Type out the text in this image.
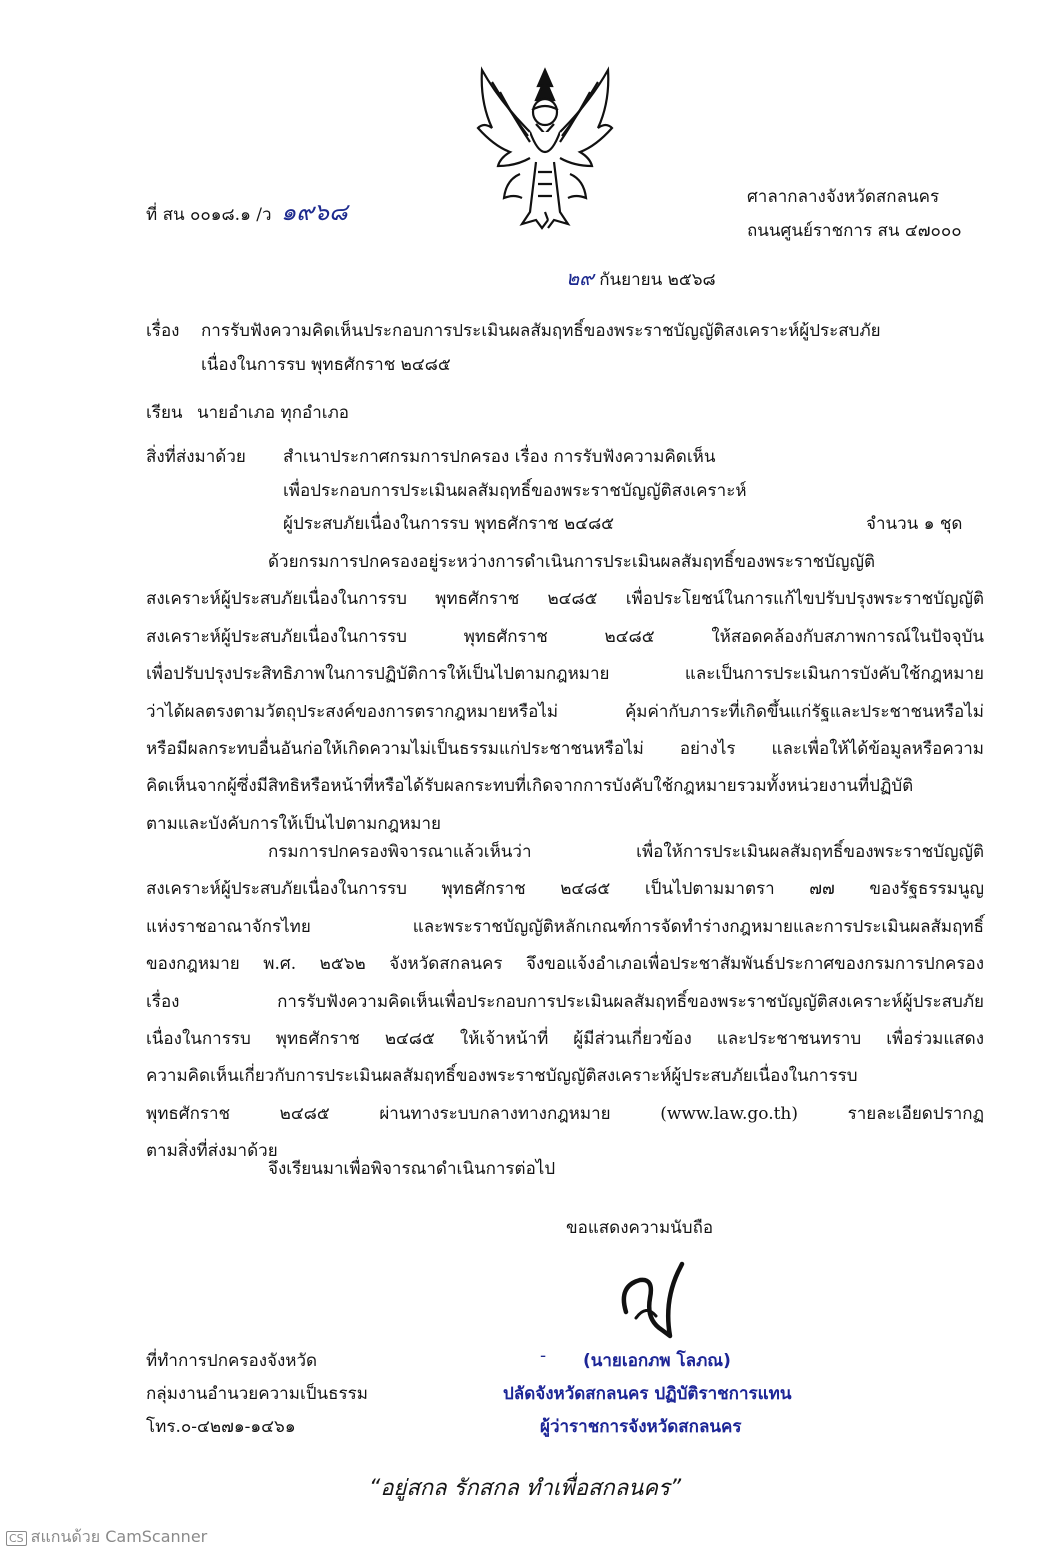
ที่ สน ๐๐๑๘.๑ /ว ๑๙๖๘
ศาลากลางจังหวัดสกลนคร
ถนนศูนย์ราชการ สน ๔๗๐๐๐
๒๙ กันยายน ๒๕๖๘
เรื่อง การรับฟังความคิดเห็นประกอบการประเมินผลสัมฤทธิ์ของพระราชบัญญัติสงเคราะห์ผู้ประสบภัย
เนื่องในการรบ พุทธศักราช ๒๔๘๕
เรียน นายอำเภอ ทุกอำเภอ
สิ่งที่ส่งมาด้วย สำเนาประกาศกรมการปกครอง เรื่อง การรับฟังความคิดเห็น
เพื่อประกอบการประเมินผลสัมฤทธิ์ของพระราชบัญญัติสงเคราะห์
ผู้ประสบภัยเนื่องในการรบ พุทธศักราช ๒๔๘๕	จำนวน ๑ ชุด
ด้วยกรมการปกครองอยู่ระหว่างการดำเนินการประเมินผลสัมฤทธิ์ของพระราชบัญญัติ
สงเคราะห์ผู้ประสบภัยเนื่องในการรบ พุทธศักราช ๒๔๘๕ เพื่อประโยชน์ในการแก้ไขปรับปรุงพระราชบัญญัติ
สงเคราะห์ผู้ประสบภัยเนื่องในการรบ พุทธศักราช ๒๔๘๕ ให้สอดคล้องกับสภาพการณ์ในปัจจุบัน
เพื่อปรับปรุงประสิทธิภาพในการปฏิบัติการให้เป็นไปตามกฎหมาย และเป็นการประเมินการบังคับใช้กฎหมาย
ว่าได้ผลตรงตามวัตถุประสงค์ของการตรากฎหมายหรือไม่ คุ้มค่ากับภาระที่เกิดขึ้นแก่รัฐและประชาชนหรือไม่
หรือมีผลกระทบอื่นอันก่อให้เกิดความไม่เป็นธรรมแก่ประชาชนหรือไม่ อย่างไร และเพื่อให้ได้ข้อมูลหรือความ
คิดเห็นจากผู้ซึ่งมีสิทธิหรือหน้าที่หรือได้รับผลกระทบที่เกิดจากการบังคับใช้กฎหมายรวมทั้งหน่วยงานที่ปฏิบัติ
ตามและบังคับการให้เป็นไปตามกฎหมาย
กรมการปกครองพิจารณาแล้วเห็นว่า เพื่อให้การประเมินผลสัมฤทธิ์ของพระราชบัญญัติ
สงเคราะห์ผู้ประสบภัยเนื่องในการรบ พุทธศักราช ๒๔๘๕ เป็นไปตามมาตรา ๗๗ ของรัฐธรรมนูญ
แห่งราชอาณาจักรไทย และพระราชบัญญัติหลักเกณฑ์การจัดทำร่างกฎหมายและการประเมินผลสัมฤทธิ์
ของกฎหมาย พ.ศ. ๒๕๖๒ จังหวัดสกลนคร จึงขอแจ้งอำเภอเพื่อประชาสัมพันธ์ประกาศของกรมการปกครอง
เรื่อง การรับฟังความคิดเห็นเพื่อประกอบการประเมินผลสัมฤทธิ์ของพระราชบัญญัติสงเคราะห์ผู้ประสบภัย
เนื่องในการรบ พุทธศักราช ๒๔๘๕ ให้เจ้าหน้าที่ ผู้มีส่วนเกี่ยวข้อง และประชาชนทราบ เพื่อร่วมแสดง
ความคิดเห็นเกี่ยวกับการประเมินผลสัมฤทธิ์ของพระราชบัญญัติสงเคราะห์ผู้ประสบภัยเนื่องในการรบ
พุทธศักราช ๒๔๘๕ ผ่านทางระบบกลางทางกฎหมาย (www.law.go.th) รายละเอียดปรากฏ
ตามสิ่งที่ส่งมาด้วย
จึงเรียนมาเพื่อพิจารณาดำเนินการต่อไป
ขอแสดงความนับถือ
- (นายเอกภพ โลภณ)
ปลัดจังหวัดสกลนคร ปฏิบัติราชการแทน
ผู้ว่าราชการจังหวัดสกลนคร
ที่ทำการปกครองจังหวัด
กลุ่มงานอำนวยความเป็นธรรม
โทร.๐-๔๒๗๑-๑๔๖๑
“อยู่สกล รักสกล ทำเพื่อสกลนคร”
CS สแกนด้วย CamScanner
